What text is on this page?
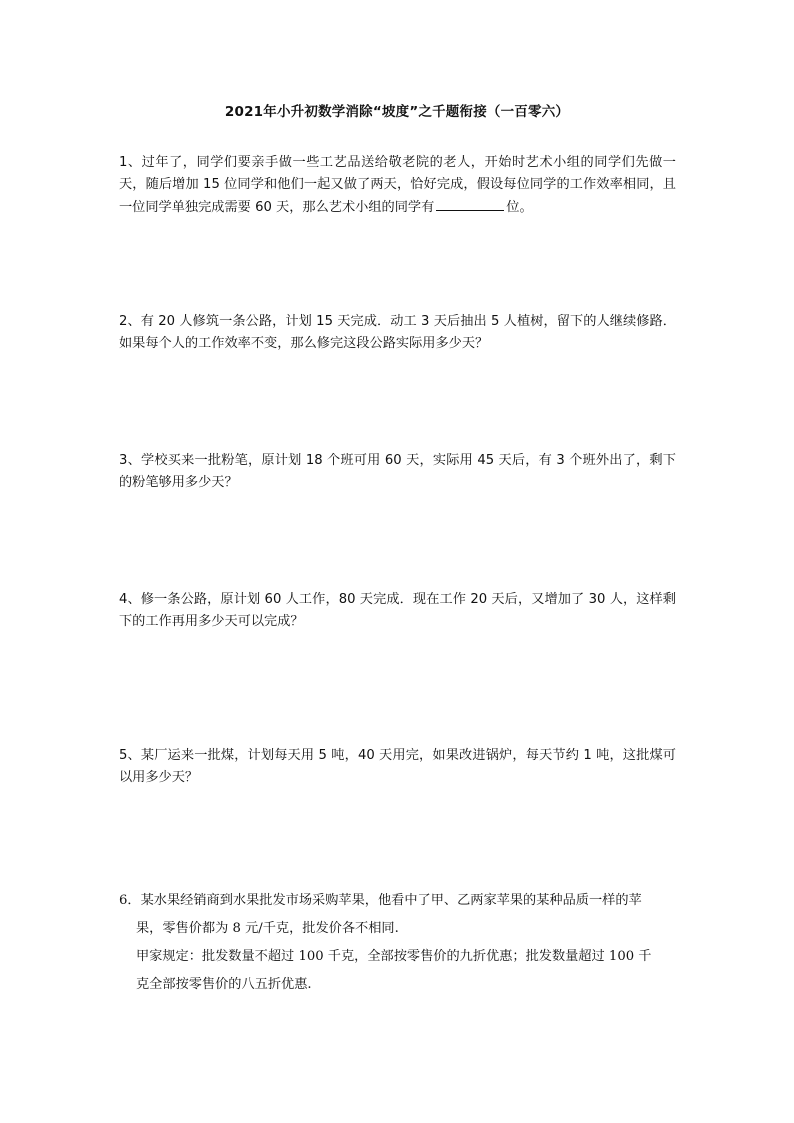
2021年小升初数学消除“坡度”之千题衔接（一百零六）

1、过年了，同学们要亲手做一些工艺品送给敬老院的老人，开始时艺术小组的同学们先做一天，随后增加 15 位同学和他们一起又做了两天，恰好完成，假设每位同学的工作效率相同，且一位同学单独完成需要 60 天，那么艺术小组的同学有	位。

2、有 20 人修筑一条公路，计划 15 天完成．动工 3 天后抽出 5 人植树，留下的人继续修路．如果每个人的工作效率不变，那么修完这段公路实际用多少天？

3、学校买来一批粉笔，原计划 18 个班可用 60 天，实际用 45 天后，有 3 个班外出了，剩下的粉笔够用多少天？

4、修一条公路，原计划 60 人工作，80 天完成．现在工作 20 天后，又增加了 30 人，这样剩下的工作再用多少天可以完成？

5、某厂运来一批煤，计划每天用 5 吨，40 天用完，如果改进锅炉，每天节约 1 吨，这批煤可以用多少天？

6．某水果经销商到水果批发市场采购苹果，他看中了甲、乙两家苹果的某种品质一样的苹
果，零售价都为 8 元/千克，批发价各不相同.
甲家规定：批发数量不超过 100 千克，全部按零售价的九折优惠；批发数量超过 100 千
克全部按零售价的八五折优惠.
